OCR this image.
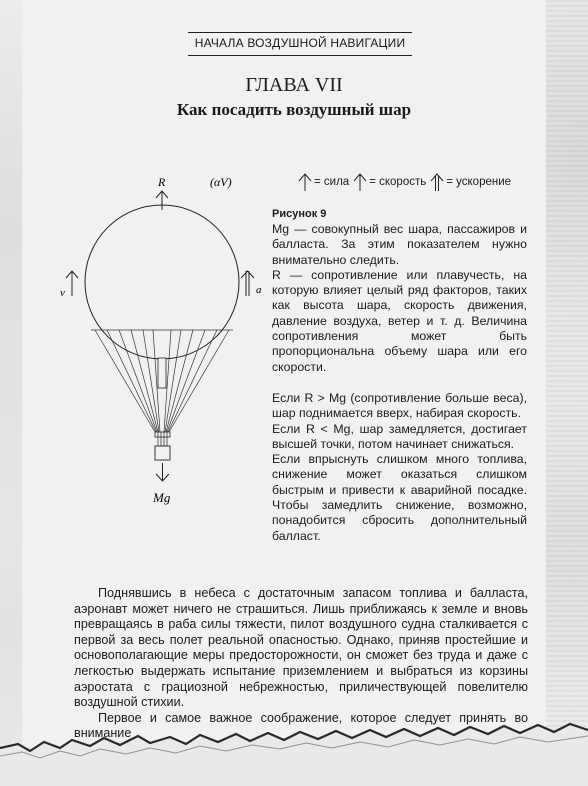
НАЧАЛА ВОЗДУШНОЙ НАВИГАЦИИ
ГЛАВА VII
Как посадить воздушный шар
= сила = скорость = ускорение
R	(αV)
Mg
v	a
Рисунок 9

Mg — совокупный вес шара, пассажиров и балласта. За этим показателем нужно внимательно следить.

R — сопротивление или плавучесть, на которую влияет целый ряд факторов, таких как высота шара, скорость движения, давление воздуха, ветер и т. д. Величина сопротивления может быть пропорциональна объему шара или его скорости.

Если R > Mg (сопротивление больше веса), шар поднимается вверх, набирая скорость.

Если R < Mg, шар замедляется, достигает высшей точки, потом начинает снижаться.

Если впрыснуть слишком много топлива, снижение может оказаться слишком быстрым и привести к аварийной посадке. Чтобы замедлить снижение, возможно, понадобится сбросить дополнительный балласт.

Поднявшись в небеса с достаточным запасом топлива и балласта, аэронавт может ничего не страшиться. Лишь приближаясь к земле и вновь превращаясь в раба силы тяжести, пилот воздушного судна сталкивается с первой за весь полет реальной опасностью. Однако, приняв простейшие и основополагающие меры предосторожности, он сможет без труда и даже с легкостью выдержать испытание приземлением и выбраться из корзины аэростата с грациозной небрежностью, приличествующей повелителю воздушной стихии.

Первое и самое важное соображение, которое следует принять во внимание
